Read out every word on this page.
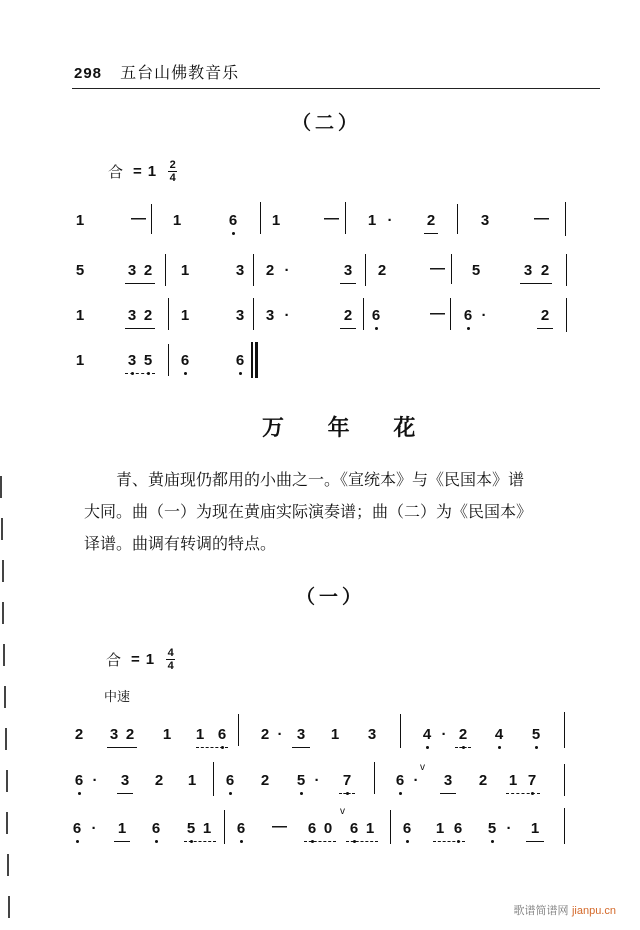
298 五台山佛教音乐
（二）
合 = $1 \frac{2}{4}$
1	— 1	6 1	— 1 · 2	3	—
5	3 2 1	3 2 ·	3 2	— 5	3 2
1	3 2 1	3 3 ·	2 6	— 6 ·	2
1	3 5 6	6
万 年 花

青、黄庙现仍都用的小曲之一。《宣统本》与《民国本》谱

大同。曲（一）为现在黄庙实际演奏谱；曲（二）为《民国本》

译谱。曲调有转调的特点。

（一）
合 = $1 \frac{4}{4}$
中速
2 3 2 1 1 6 2 · 3 1 3	4 · 2 4 5
6 · 3 2 1 6 2 5 · 7	6 ·
v
3 2 1 7
6 · 1 6 5 1 6 — 6 0
v
6 1 6 1 6 5 · 1
歌谱简谱网 jianpu.cn
